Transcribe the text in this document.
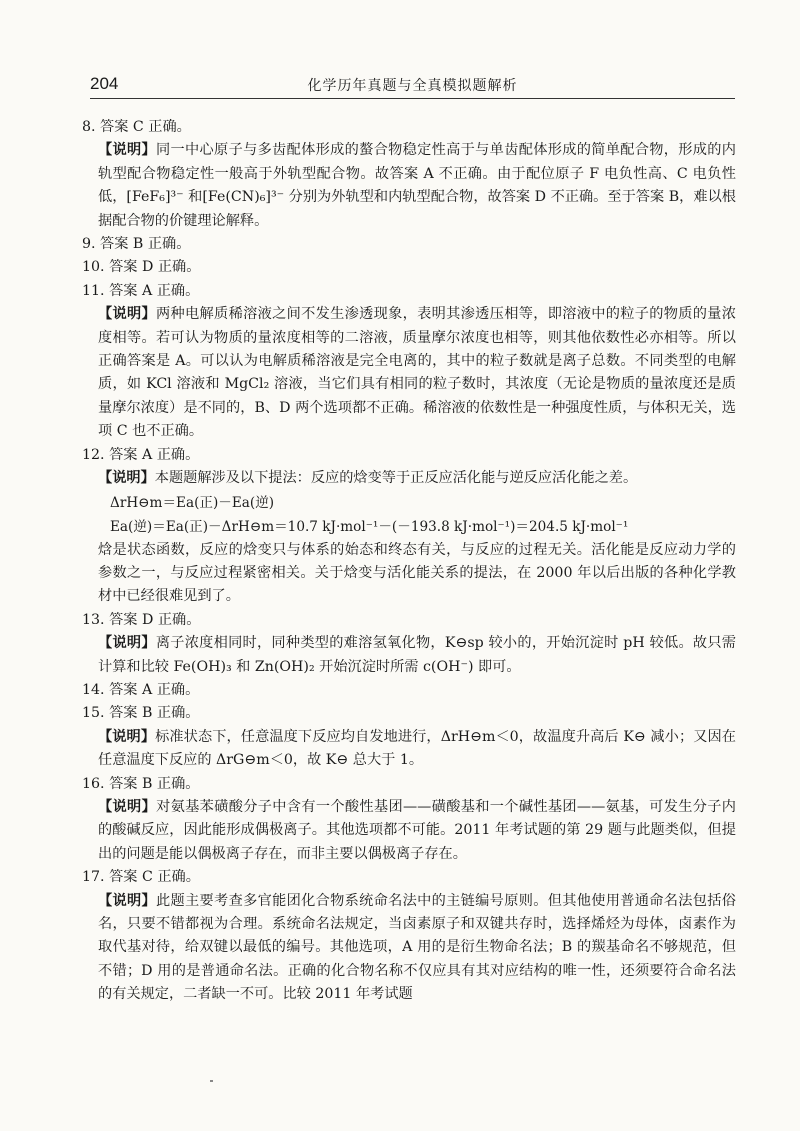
204	化学历年真题与全真模拟题解析

8. 答案 C 正确。

【说明】同一中心原子与多齿配体形成的螯合物稳定性高于与单齿配体形成的简单配合物，形成的内轨型配合物稳定性一般高于外轨型配合物。故答案 A 不正确。由于配位原子 F 电负性高、C 电负性低，[FeF₆]³⁻ 和[Fe(CN)₆]³⁻ 分别为外轨型和内轨型配合物，故答案 D 不正确。至于答案 B，难以根据配合物的价键理论解释。

9. 答案 B 正确。

10. 答案 D 正确。

11. 答案 A 正确。

【说明】两种电解质稀溶液之间不发生渗透现象，表明其渗透压相等，即溶液中的粒子的物质的量浓度相等。若可认为物质的量浓度相等的二溶液，质量摩尔浓度也相等，则其他依数性必亦相等。所以正确答案是 A。可以认为电解质稀溶液是完全电离的，其中的粒子数就是离子总数。不同类型的电解质，如 KCl 溶液和 MgCl₂ 溶液，当它们具有相同的粒子数时，其浓度（无论是物质的量浓度还是质量摩尔浓度）是不同的，B、D 两个选项都不正确。稀溶液的依数性是一种强度性质，与体积无关，选项 C 也不正确。

12. 答案 A 正确。

【说明】本题题解涉及以下提法：反应的焓变等于正反应活化能与逆反应活化能之差。

ΔrH⊖m＝Ea(正)－Ea(逆)

Ea(逆)＝Ea(正)－ΔrH⊖m＝10.7 kJ·mol⁻¹－(－193.8 kJ·mol⁻¹)＝204.5 kJ·mol⁻¹

焓是状态函数，反应的焓变只与体系的始态和终态有关，与反应的过程无关。活化能是反应动力学的参数之一，与反应过程紧密相关。关于焓变与活化能关系的提法，在 2000 年以后出版的各种化学教材中已经很难见到了。

13. 答案 D 正确。

【说明】离子浓度相同时，同种类型的难溶氢氧化物，K⊖sp 较小的，开始沉淀时 pH 较低。故只需计算和比较 Fe(OH)₃ 和 Zn(OH)₂ 开始沉淀时所需 c(OH⁻) 即可。

14. 答案 A 正确。

15. 答案 B 正确。

【说明】标准状态下，任意温度下反应均自发地进行，ΔrH⊖m＜0，故温度升高后 K⊖ 减小；又因在任意温度下反应的 ΔrG⊖m＜0，故 K⊖ 总大于 1。

16. 答案 B 正确。

【说明】对氨基苯磺酸分子中含有一个酸性基团——磺酸基和一个碱性基团——氨基，可发生分子内的酸碱反应，因此能形成偶极离子。其他选项都不可能。2011 年考试题的第 29 题与此题类似，但提出的问题是能以偶极离子存在，而非主要以偶极离子存在。

17. 答案 C 正确。

【说明】此题主要考查多官能团化合物系统命名法中的主链编号原则。但其他使用普通命名法包括俗名，只要不错都视为合理。系统命名法规定，当卤素原子和双键共存时，选择烯烃为母体，卤素作为取代基对待，给双键以最低的编号。其他选项，A 用的是衍生物命名法；B 的羰基命名不够规范，但不错；D 用的是普通命名法。正确的化合物名称不仅应具有其对应结构的唯一性，还须要符合命名法的有关规定，二者缺一不可。比较 2011 年考试题
